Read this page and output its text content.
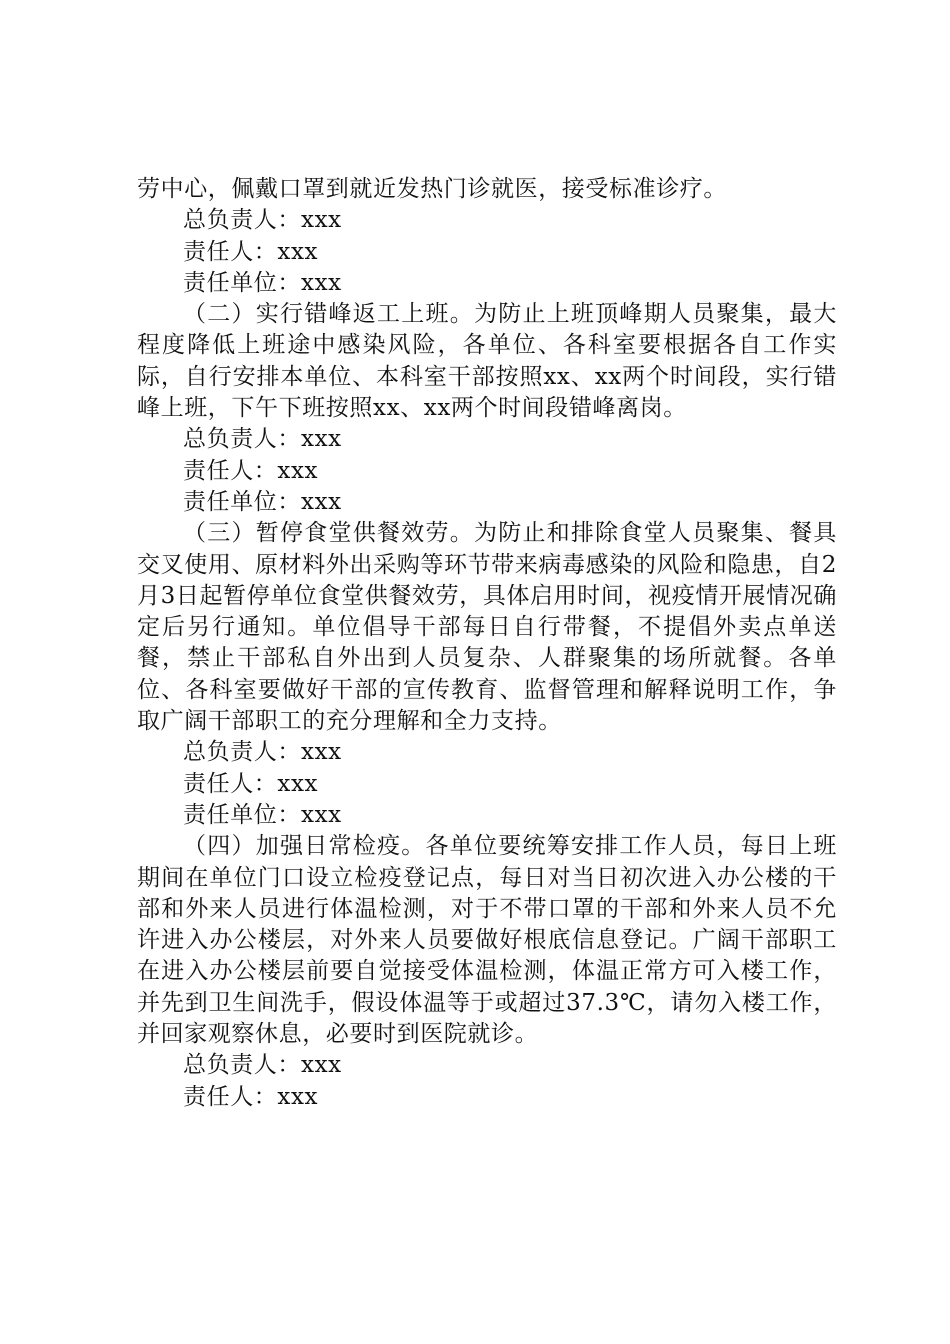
劳中心，佩戴口罩到就近发热门诊就医，接受标准诊疗。

总负责人：xxx

责任人：xxx

责任单位：xxx

（二）实行错峰返工上班。为防止上班顶峰期人员聚集，最大程度降低上班途中感染风险，各单位、各科室要根据各自工作实际，自行安排本单位、本科室干部按照xx、xx两个时间段，实行错峰上班，下午下班按照xx、xx两个时间段错峰离岗。

总负责人：xxx

责任人：xxx

责任单位：xxx

（三）暂停食堂供餐效劳。为防止和排除食堂人员聚集、餐具交叉使用、原材料外出采购等环节带来病毒感染的风险和隐患，自2月3日起暂停单位食堂供餐效劳，具体启用时间，视疫情开展情况确定后另行通知。单位倡导干部每日自行带餐，不提倡外卖点单送餐，禁止干部私自外出到人员复杂、人群聚集的场所就餐。各单位、各科室要做好干部的宣传教育、监督管理和解释说明工作，争取广阔干部职工的充分理解和全力支持。

总负责人：xxx

责任人：xxx

责任单位：xxx

（四）加强日常检疫。各单位要统筹安排工作人员，每日上班期间在单位门口设立检疫登记点，每日对当日初次进入办公楼的干部和外来人员进行体温检测，对于不带口罩的干部和外来人员不允许进入办公楼层，对外来人员要做好根底信息登记。广阔干部职工在进入办公楼层前要自觉接受体温检测，体温正常方可入楼工作，并先到卫生间洗手，假设体温等于或超过37.3℃，请勿入楼工作，并回家观察休息，必要时到医院就诊。

总负责人：xxx

责任人：xxx
